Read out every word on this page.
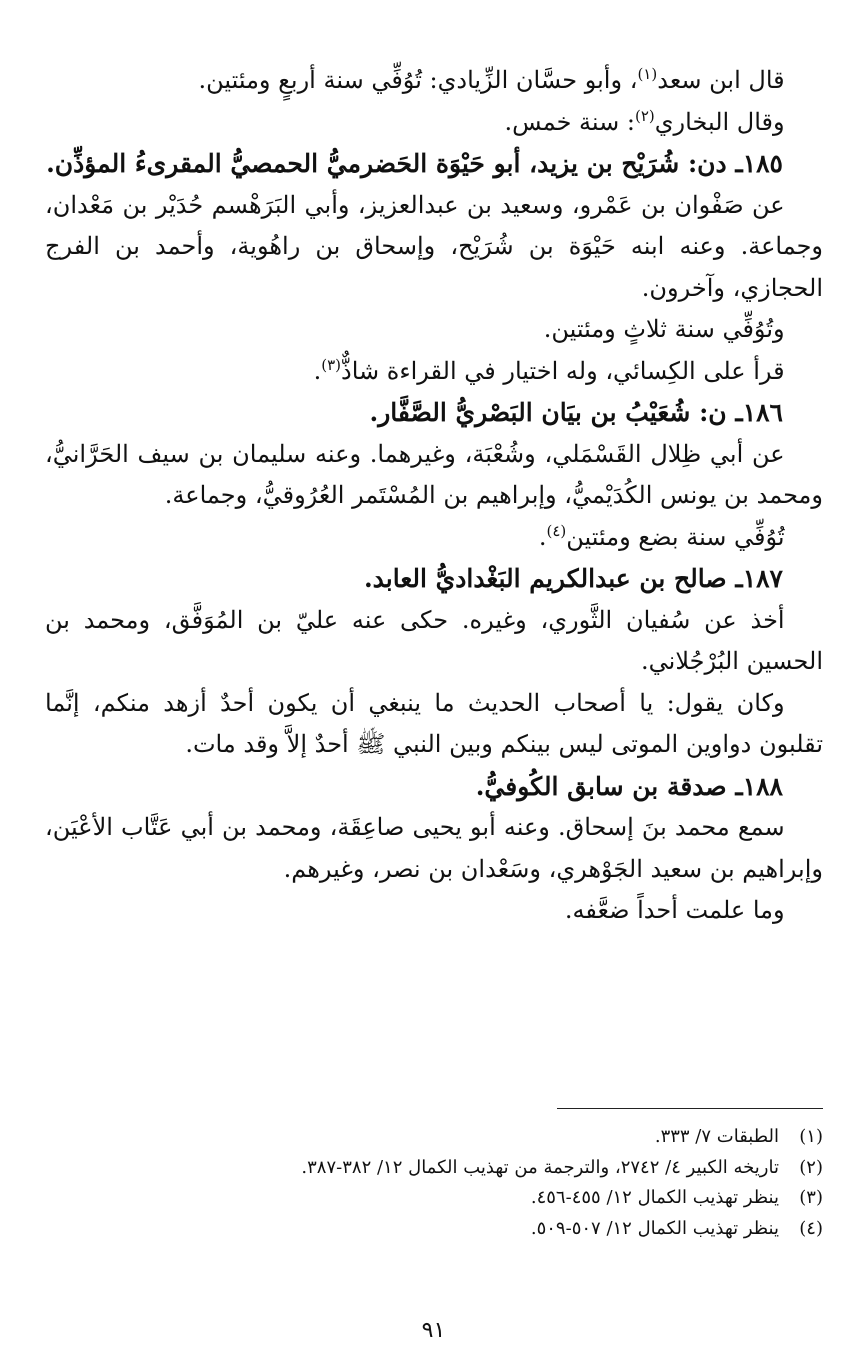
قال ابن سعد$^{(١)}$، وأبو حسَّان الزِّيادي: تُوُفِّي سنة أربعٍ ومئتين.

وقال البخاري$^{(٢)}$: سنة خمس.

١٨٥ـ دن: شُرَيْح بن يزيد، أبو حَيْوَة الحَضرميُّ الحمصيُّ المقرىءُ المؤذِّن.

عن صَفْوان بن عَمْرو، وسعيد بن عبدالعزيز، وأبي البَرَهْسم حُدَيْر بن مَعْدان، وجماعة. وعنه ابنه حَيْوَة بن شُرَيْح، وإسحاق بن راهُوية، وأحمد بن الفرج الحجازي، وآخرون.

وتُوُفِّي سنة ثلاثٍ ومئتين.

قرأ على الكِسائي، وله اختيار في القراءة شاذٌّ$^{(٣)}$.

١٨٦ـ ن: شُعَيْبُ بن بيَان البَصْريُّ الصَّفَّار.

عن أبي ظِلال القَسْمَلي، وشُعْبَة، وغيرهما. وعنه سليمان بن سيف الحَرَّانيُّ، ومحمد بن يونس الكُدَيْميُّ، وإبراهيم بن المُسْتَمر العُرُوقيُّ، وجماعة.

تُوُفِّي سنة بضع ومئتين$^{(٤)}$.

١٨٧ـ صالح بن عبدالكريم البَغْداديُّ العابد.

أخذ عن سُفيان الثَّوري، وغيره. حكى عنه عليّ بن المُوَفَّق، ومحمد بن الحسين البُرْجُلاني.

وكان يقول: يا أصحاب الحديث ما ينبغي أن يكون أحدٌ أزهد منكم، إنَّما تقلبون دواوين الموتى ليس بينكم وبين النبي ﷺ أحدٌ إلاَّ وقد مات.

١٨٨ـ صدقة بن سابق الكُوفيُّ.

سمع محمد بنَ إسحاق. وعنه أبو يحيى صاعِقَة، ومحمد بن أبي عَتَّاب الأعْيَن، وإبراهيم بن سعيد الجَوْهري، وسَعْدان بن نصر، وغيرهم.

وما علمت أحداً ضعَّفه.

(١)
الطبقات ٧/ ٣٣٣.

(٢)
تاريخه الكبير ٤/ ٢٧٤٢، والترجمة من تهذيب الكمال ١٢/ ٣٨٢-٣٨٧.

(٣)
ينظر تهذيب الكمال ١٢/ ٤٥٥-٤٥٦.

(٤)
ينظر تهذيب الكمال ١٢/ ٥٠٧-٥٠٩.

٩١
